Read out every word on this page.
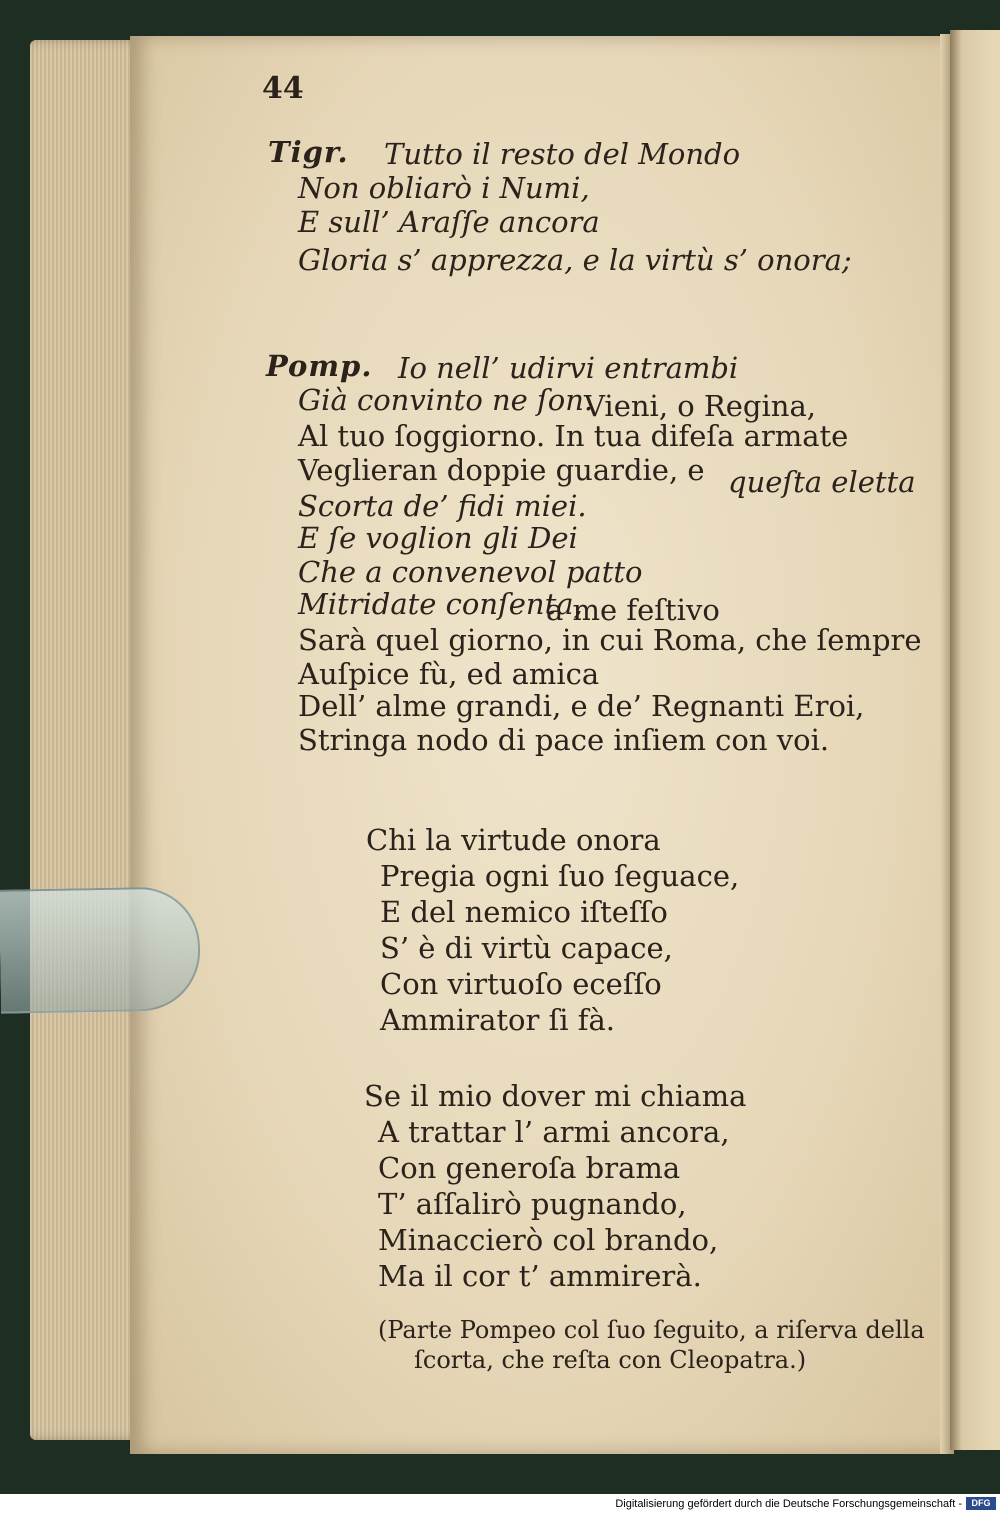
44
Tigr. Tutto il resto del Mondo
Non obliarò i Numi,
E sull’ Araſſe ancora
Gloria s’ apprezza, e la virtù s’ onora;
Pomp. Io nell’ udirvi entrambi
Già convinto ne ſon.
Vieni, o Regina,
Al tuo ſoggiorno. In tua difeſa armate
Veglieran doppie guardie, e queſta eletta
Scorta de’ fidi miei.
E ſe voglion gli Dei
Che a convenevol patto
Mitridate conſenta,
a me feſtivo
Sarà quel giorno, in cui Roma, che ſempre
Auſpice fù, ed amica
Dell’ alme grandi, e de’ Regnanti Eroi,
Stringa nodo di pace inſiem con voi.
Chi la virtude onora
Pregia ogni ſuo ſeguace,
E del nemico iſteſſo
S’ è di virtù capace,
Con virtuoſo eceſſo
Ammirator ſi fà.
Se il mio dover mi chiama
A trattar l’ armi ancora,
Con generoſa brama
T’ aſſalirò pugnando,
Minaccierò col brando,
Ma il cor t’ ammirerà.
(Parte Pompeo col ſuo ſeguito, a riſerva della
ſcorta, che reſta con Cleopatra.)
Digitalisierung gefördert durch die Deutsche Forschungsgemeinschaft -	DFG
